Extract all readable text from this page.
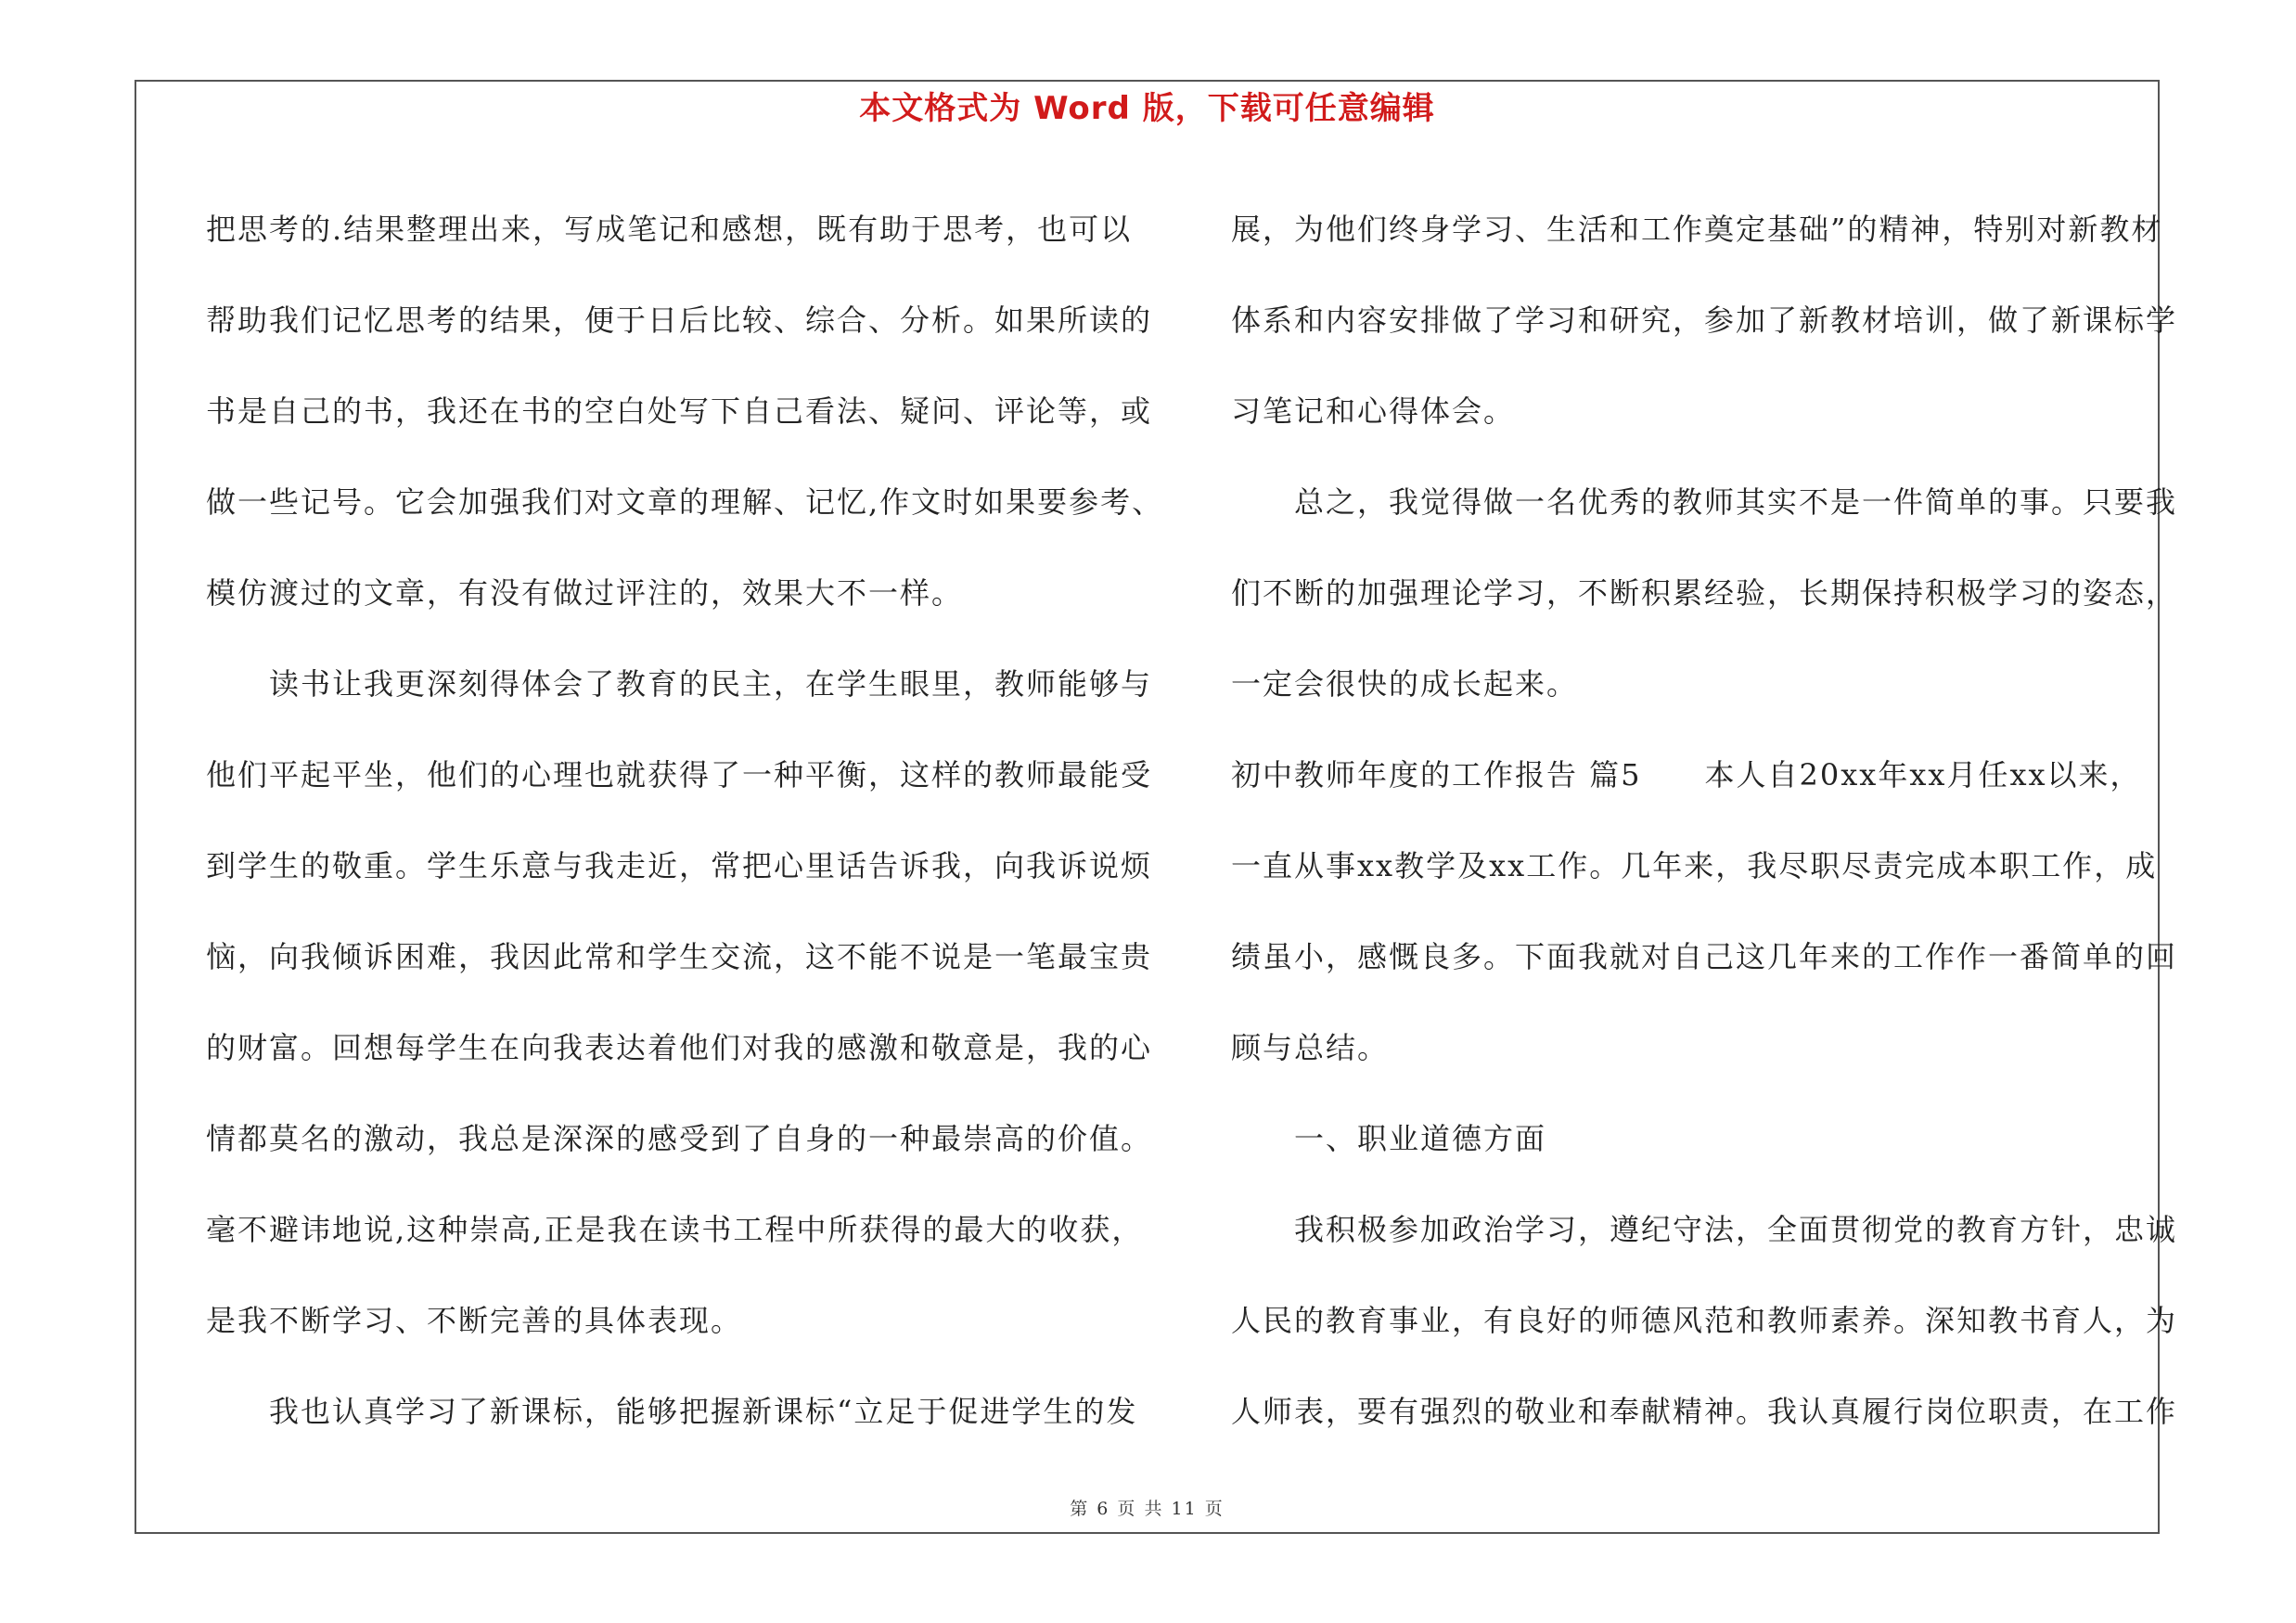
本文格式为 Word 版，下载可任意编辑

把思考的.结果整理出来，写成笔记和感想，既有助于思考，也可以

帮助我们记忆思考的结果，便于日后比较、综合、分析。如果所读的

书是自己的书，我还在书的空白处写下自己看法、疑问、评论等，或

做一些记号。它会加强我们对文章的理解、记忆,作文时如果要参考、

模仿渡过的文章，有没有做过评注的，效果大不一样。

　　读书让我更深刻得体会了教育的民主，在学生眼里，教师能够与

他们平起平坐，他们的心理也就获得了一种平衡，这样的教师最能受

到学生的敬重。学生乐意与我走近，常把心里话告诉我，向我诉说烦

恼，向我倾诉困难，我因此常和学生交流，这不能不说是一笔最宝贵

的财富。回想每学生在向我表达着他们对我的感激和敬意是，我的心

情都莫名的激动，我总是深深的感受到了自身的一种最崇高的价值。

毫不避讳地说,这种崇高,正是我在读书工程中所获得的最大的收获，

是我不断学习、不断完善的具体表现。

　　我也认真学习了新课标，能够把握新课标“立足于促进学生的发

展，为他们终身学习、生活和工作奠定基础”的精神，特别对新教材

体系和内容安排做了学习和研究，参加了新教材培训，做了新课标学

习笔记和心得体会。

　　总之，我觉得做一名优秀的教师其实不是一件简单的事。只要我

们不断的加强理论学习，不断积累经验，长期保持积极学习的姿态，

一定会很快的成长起来。

初中教师年度的工作报告 篇5　　本人自20xx年xx月任xx以来，

一直从事xx教学及xx工作。几年来，我尽职尽责完成本职工作，成

绩虽小，感慨良多。下面我就对自己这几年来的工作作一番简单的回

顾与总结。

　　一、职业道德方面

　　我积极参加政治学习，遵纪守法，全面贯彻党的教育方针，忠诚

人民的教育事业，有良好的师德风范和教师素养。深知教书育人，为

人师表，要有强烈的敬业和奉献精神。我认真履行岗位职责，在工作

第 6 页 共 11 页
